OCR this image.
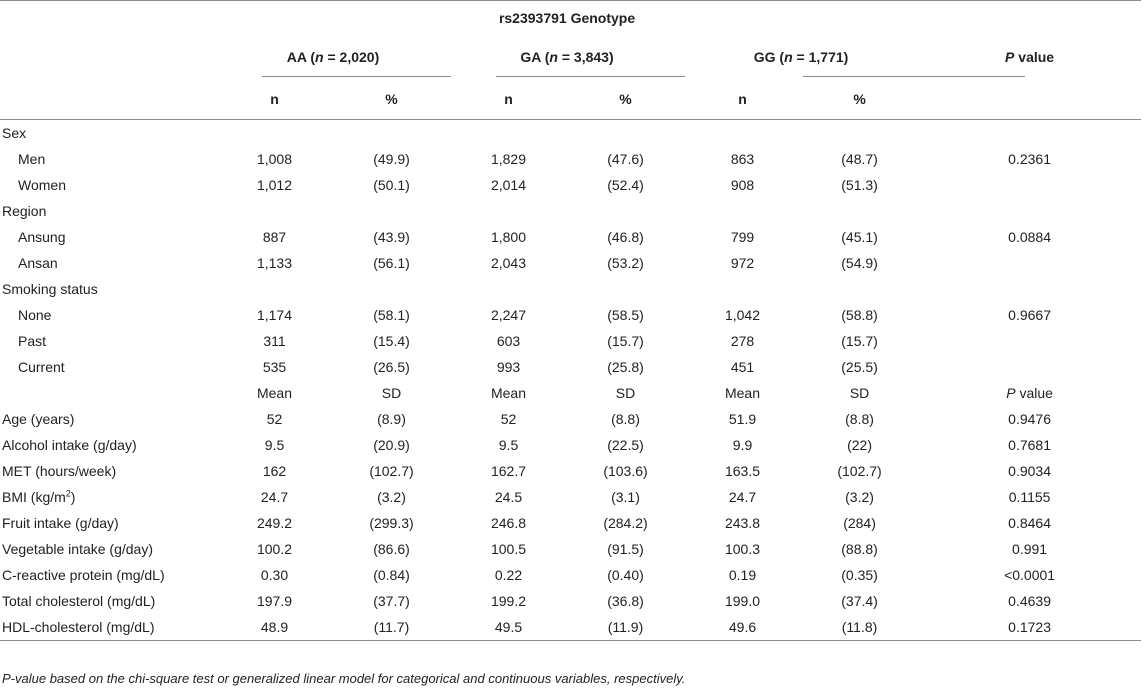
	rs2393791 Genotype						
	AA (n = 2,020)		GA (n = 3,843)		GG (n = 1,771)		P value
	n	%	n	%	n	%	
Sex							
Men	1,008	(49.9)	1,829	(47.6)	863	(48.7)	0.2361
Women	1,012	(50.1)	2,014	(52.4)	908	(51.3)	
Region							
Ansung	887	(43.9)	1,800	(46.8)	799	(45.1)	0.0884
Ansan	1,133	(56.1)	2,043	(53.2)	972	(54.9)	
Smoking status							
None	1,174	(58.1)	2,247	(58.5)	1,042	(58.8)	0.9667
Past	311	(15.4)	603	(15.7)	278	(15.7)	
Current	535	(26.5)	993	(25.8)	451	(25.5)	
	Mean	SD	Mean	SD	Mean	SD	P value
Age (years)	52	(8.9)	52	(8.8)	51.9	(8.8)	0.9476
Alcohol intake (g/day)	9.5	(20.9)	9.5	(22.5)	9.9	(22)	0.7681
MET (hours/week)	162	(102.7)	162.7	(103.6)	163.5	(102.7)	0.9034
BMI $(kg/m^2)$	24.7	(3.2)	24.5	(3.1)	24.7	(3.2)	0.1155
Fruit intake (g/day)	249.2	(299.3)	246.8	(284.2)	243.8	(284)	0.8464
Vegetable intake (g/day)	100.2	(86.6)	100.5	(91.5)	100.3	(88.8)	0.991
C-reactive protein (mg/dL)	0.30	(0.84)	0.22	(0.40)	0.19	(0.35)	<0.0001
Total cholesterol (mg/dL)	197.9	(37.7)	199.2	(36.8)	199.0	(37.4)	0.4639
HDL-cholesterol (mg/dL)	48.9	(11.7)	49.5	(11.9)	49.6	(11.8)	0.1723
P-value based on the chi-square test or generalized linear model for categorical and continuous variables, respectively.
